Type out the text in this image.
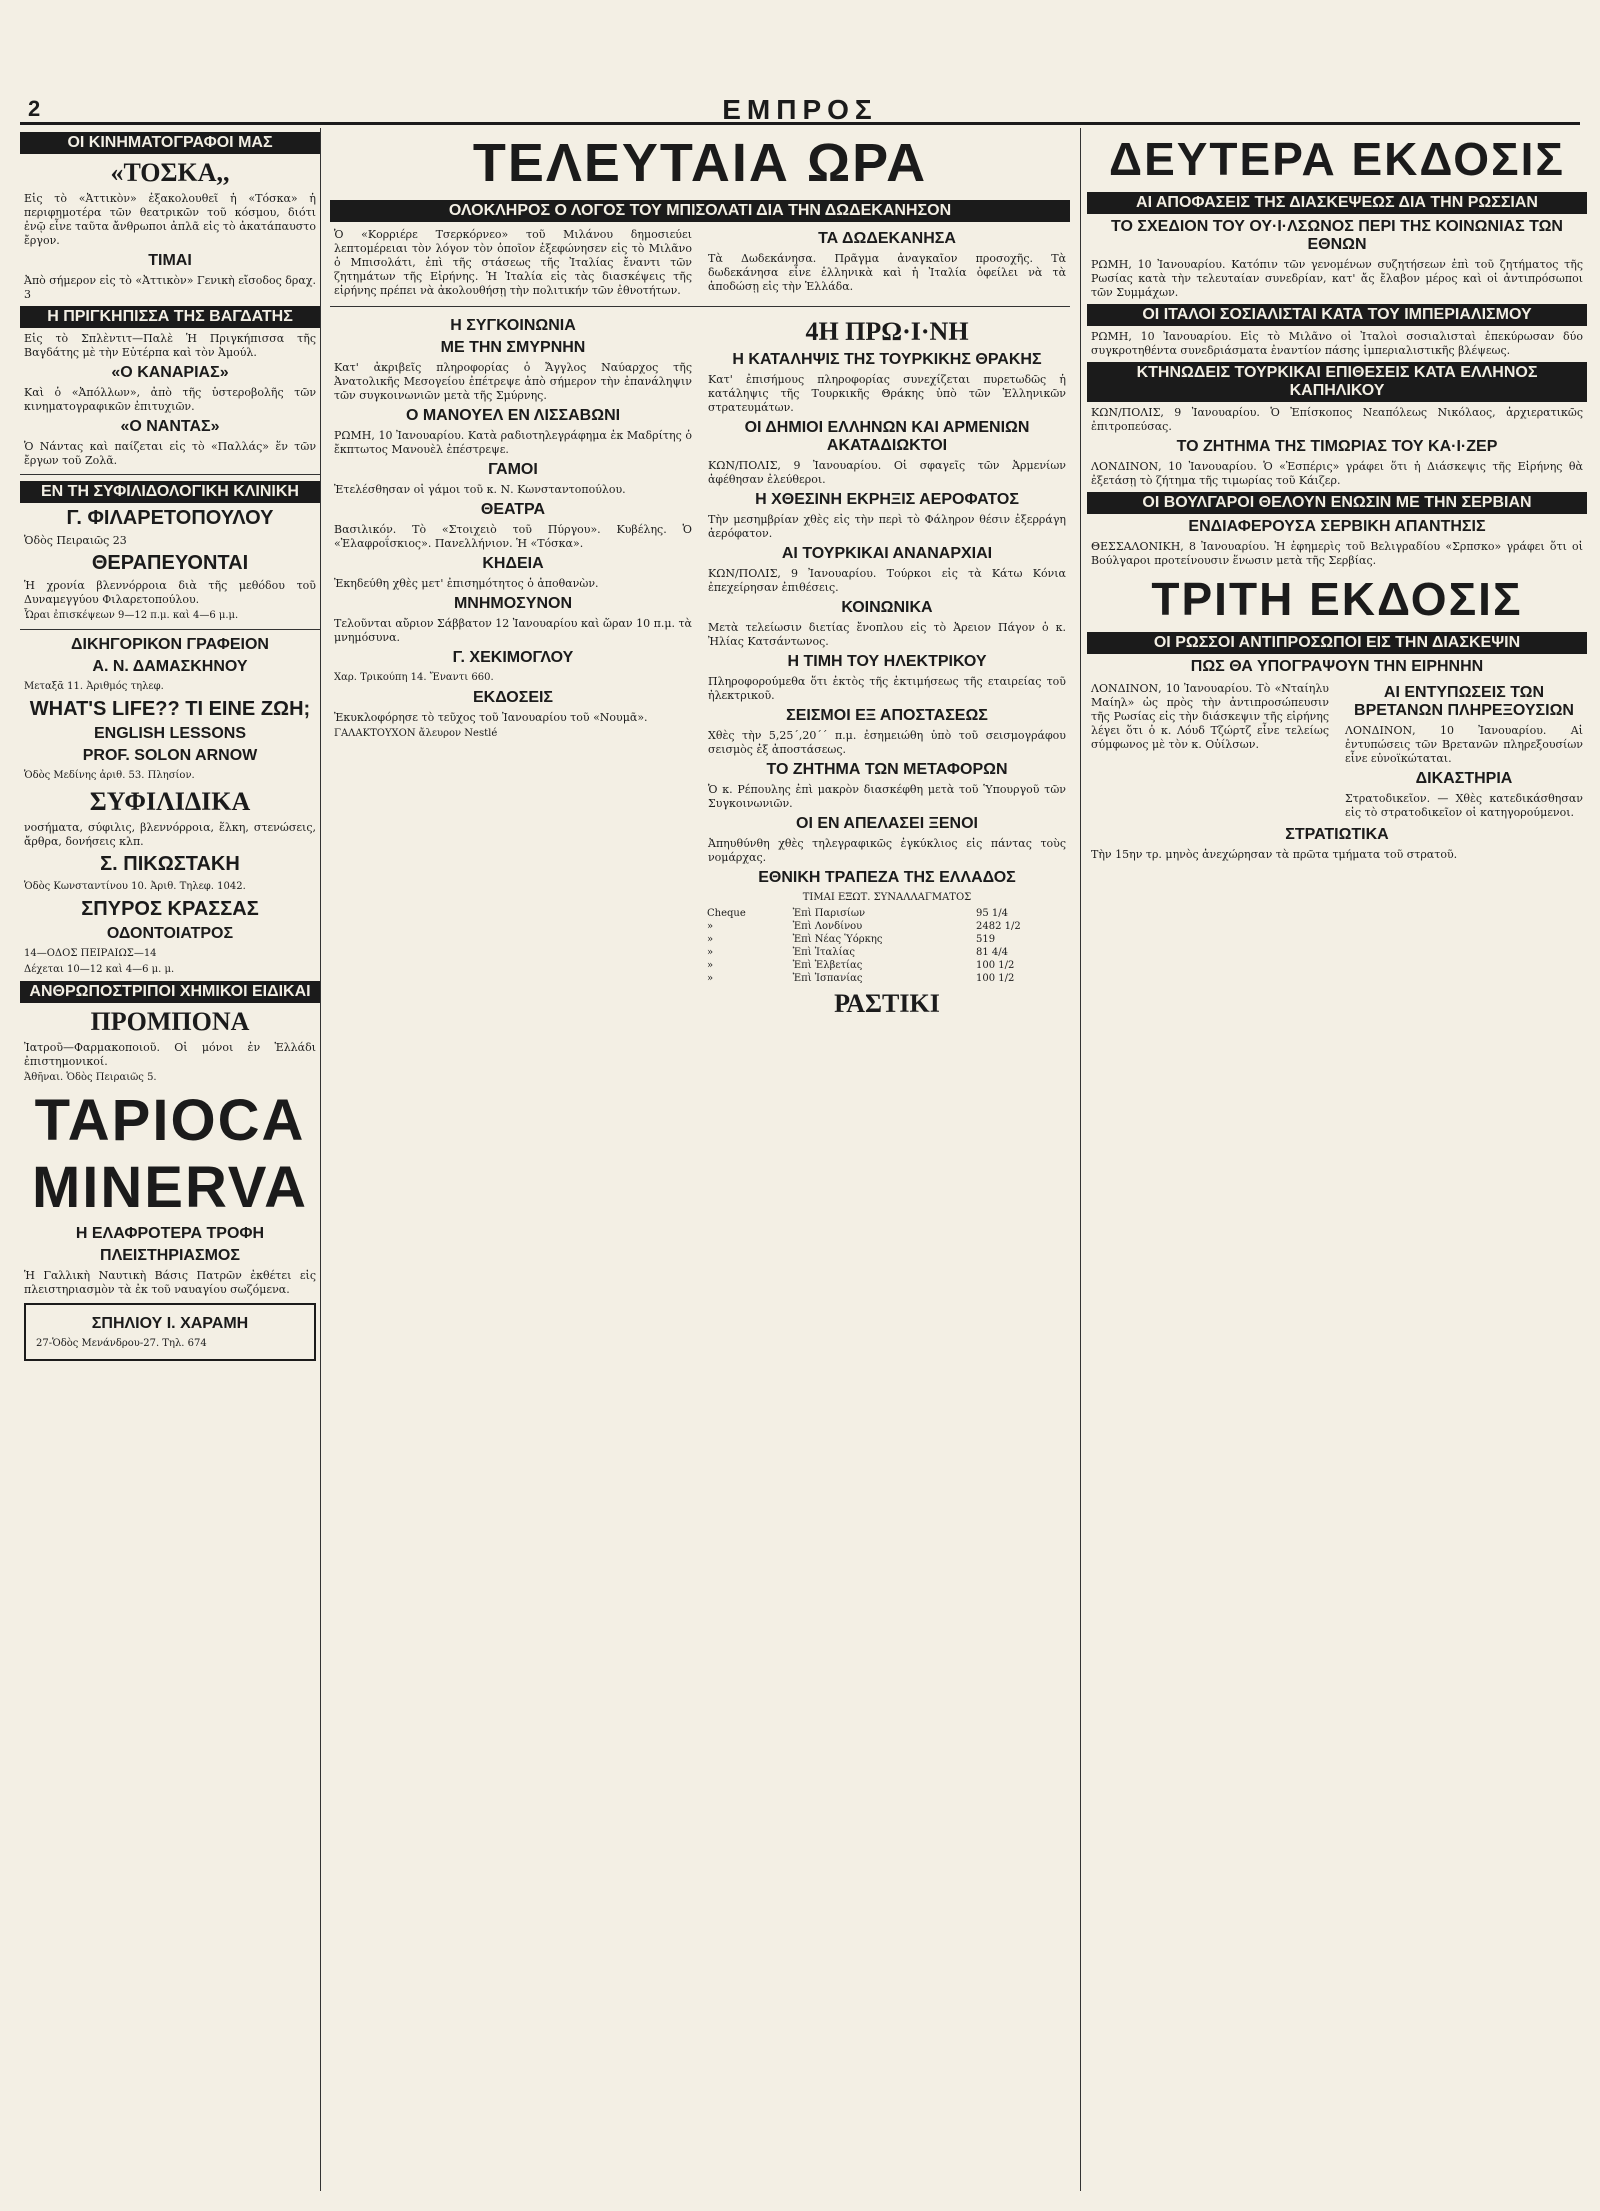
2	ΕΜΠΡΟΣ
ΟΙ ΚΙΝΗΜΑΤΟΓΡΑΦΟΙ ΜΑΣ
«ΤΟΣΚΑ,,

Εἰς τὸ «Ἀττικὸν» ἐξακολουθεῖ ἡ «Τόσκα» ἡ περιφημοτέρα τῶν θεατρικῶν τοῦ κόσμου, διότι ἐνῷ εἶνε ταῦτα ἄνθρωποι ἀπλᾶ εἰς τὸ ἀκατάπαυστο ἔργον.

ΤΙΜΑΙ

Ἀπὸ σήμερον εἰς τὸ «Ἀττικὸν» Γενικὴ εἴσοδος δραχ. 3

Η ΠΡΙΓΚΗΠΙΣΣΑ ΤΗΣ ΒΑΓΔΑΤΗΣ

Εἰς τὸ Σπλὲντιτ—Παλὲ Ἡ Πριγκήπισσα τῆς Βαγδάτης μὲ τὴν Εὐτέρπα καὶ τὸν Ἀμούλ.

«Ο ΚΑΝΑΡΙΑΣ»

Καὶ ὁ «Ἀπόλλων», ἀπὸ τῆς ὑστεροβολῆς τῶν κινηματογραφικῶν ἐπιτυχιῶν.

«Ο ΝΑΝΤΑΣ»

Ὁ Νάντας καὶ παίζεται εἰς τὸ «Παλλάς» ἕν τῶν ἔργων τοῦ Ζολᾶ.

ΕΝ ΤΗ ΣΥΦΙΛΙΔΟΛΟΓΙΚΗ ΚΛΙΝΙΚΗ
Γ. ΦΙΛΑΡΕΤΟΠΟΥΛΟΥ

Ὁδὸς Πειραιῶς 23

ΘΕΡΑΠΕΥΟΝΤΑΙ

Ἡ χρονία βλεννόρροια διὰ τῆς μεθόδου τοῦ Δυναμεγγύου Φιλαρετοπούλου.

Ὧραι ἐπισκέψεων 9—12 π.μ. καὶ 4—6 μ.μ.

ΔΙΚΗΓΟΡΙΚΟΝ ΓΡΑΦΕΙΟΝ
Α. Ν. ΔΑΜΑΣΚΗΝΟΥ

Μεταξᾶ 11. Ἀριθμός τηλεφ.

WHAT'S LIFE?? ΤΙ ΕΙΝΕ ΖΩΗ;
ENGLISH LESSONS
PROF. SOLON ARNOW

Ὁδὸς Μεδίνης ἀριθ. 53. Πλησίον.

ΣΥΦΙΛΙΔΙΚΑ

νοσήματα, σύφιλις, βλεννόρροια, ἕλκη, στενώσεις, ἄρθρα, δονήσεις κλπ.

Σ. ΠΙΚΩΣΤΑΚΗ

Ὁδὸς Κωνσταντίνου 10. Ἀριθ. Τηλεφ. 1042.

ΣΠΥΡΟΣ ΚΡΑΣΣΑΣ
ΟΔΟΝΤΟΙΑΤΡΟΣ

14—ΟΔΟΣ ΠΕΙΡΑΙΩΣ—14

Δέχεται 10—12 καὶ 4—6 μ. μ.

ΑΝΘΡΩΠΟΣΤΡΙΠΟΙ ΧΗΜΙΚΟΙ ΕΙΔΙΚΑΙ
ΠΡΟΜΠΟΝΑ

Ἰατροῦ—Φαρμακοποιοῦ. Οἱ μόνοι ἐν Ἑλλάδι ἐπιστημονικοί.

Ἀθῆναι. Ὁδὸς Πειραιῶς 5.

TAPIOCA
MINERVA
Η ΕΛΑΦΡΟΤΕΡΑ ΤΡΟΦΗ
ΠΛΕΙΣΤΗΡΙΑΣΜΟΣ

Ἡ Γαλλικὴ Ναυτικὴ Βάσις Πατρῶν ἐκθέτει εἰς πλειστηριασμὸν τὰ ἐκ τοῦ ναυαγίου σωζόμενα.

ΣΠΗΛΙΟΥ Ι. ΧΑΡΑΜΗ
27-Ὁδὸς Μενάνδρου-27. Τηλ. 674
ΤΕΛΕΥΤΑΙΑ ΩΡΑ
ΟΛΟΚΛΗΡΟΣ Ο ΛΟΓΟΣ ΤΟΥ ΜΠΙΣΟΛΑΤΙ ΔΙΑ ΤΗΝ ΔΩΔΕΚΑΝΗΣΟΝ

Ὁ «Κορριέρε Τσερκόρνεο» τοῦ Μιλάνου δημοσιεύει λεπτομέρειαι τὸν λόγον τὸν ὁποῖον ἐξεφώνησεν εἰς τὸ Μιλᾶνο ὁ Μπισολάτι, ἐπὶ τῆς στάσεως τῆς Ἰταλίας ἔναντι τῶν ζητημάτων τῆς Εἰρήνης. Ἡ Ἰταλία εἰς τὰς διασκέψεις τῆς εἰρήνης πρέπει νὰ ἀκολουθήσῃ τὴν πολιτικήν τῶν ἐθνοτήτων.

ΤΑ ΔΩΔΕΚΑΝΗΣΑ

Τὰ Δωδεκάνησα. Πρᾶγμα ἀναγκαῖον προσοχῆς. Τὰ δωδεκάνησα εἶνε ἑλληνικὰ καὶ ἡ Ἰταλία ὀφείλει νὰ τὰ ἀποδώσῃ εἰς τὴν Ἑλλάδα.

Η ΣΥΓΚΟΙΝΩΝΙΑ
ΜΕ ΤΗΝ ΣΜΥΡΝΗΝ

Κατ' ἀκριβεῖς πληροφορίας ὁ Ἄγγλος Ναύαρχος τῆς Ἀνατολικῆς Μεσογείου ἐπέτρεψε ἀπὸ σήμερον τὴν ἐπανάληψιν τῶν συγκοινωνιῶν μετὰ τῆς Σμύρνης.

Ο ΜΑΝΟΥΕΛ ΕΝ ΛΙΣΣΑΒΩΝΙ

ΡΩΜΗ, 10 Ἰανουαρίου. Κατὰ ραδιοτηλεγράφημα ἐκ Μαδρίτης ὁ ἔκπτωτος Μανουὲλ ἐπέστρεψε.

ΓΑΜΟΙ

Ἐτελέσθησαν οἱ γάμοι τοῦ κ. Ν. Κωνσταντοπούλου.

ΘΕΑΤΡΑ

Βασιλικόν. Τὸ «Στοιχειὸ τοῦ Πύργου». Κυβέλης. Ὁ «Ἐλαφροΐσκιος». Πανελλήνιον. Ἡ «Τόσκα».

ΚΗΔΕΙΑ

Ἐκηδεύθη χθὲς μετ' ἐπισημότητος ὁ ἀποθανὼν.

ΜΝΗΜΟΣΥΝΟΝ

Τελοῦνται αὔριον Σάββατον 12 Ἰανουαρίου καὶ ὥραν 10 π.μ. τὰ μνημόσυνα.

Γ. ΧΕΚΙΜΟΓΛΟΥ

Χαρ. Τρικούπη 14. Ἔναντι 660.

ΕΚΔΟΣΕΙΣ

Ἐκυκλοφόρησε τὸ τεῦχος τοῦ Ἰανουαρίου τοῦ «Νουμᾶ».

ΓΑΛΑΚΤΟΥΧΟΝ ἄλευρον Nestlé

4Η ΠΡΩ·Ι·ΝΗ
Η ΚΑΤΑΛΗΨΙΣ ΤΗΣ ΤΟΥΡΚΙΚΗΣ ΘΡΑΚΗΣ

Κατ' ἐπισήμους πληροφορίας συνεχίζεται πυρετωδῶς ἡ κατάληψις τῆς Τουρκικῆς Θράκης ὑπὸ τῶν Ἑλληνικῶν στρατευμάτων.

ΟΙ ΔΗΜΙΟΙ ΕΛΛΗΝΩΝ ΚΑΙ ΑΡΜΕΝΙΩΝ ΑΚΑΤΑΔΙΩΚΤΟΙ

ΚΩΝ/ΠΟΛΙΣ, 9 Ἰανουαρίου. Οἱ σφαγεῖς τῶν Ἀρμενίων ἀφέθησαν ἐλεύθεροι.

Η ΧΘΕΣΙΝΗ ΕΚΡΗΞΙΣ ΑΕΡΟΦΑΤΟΣ

Τὴν μεσημβρίαν χθὲς εἰς τὴν περὶ τὸ Φάληρον θέσιν ἐξερράγη ἀερόφατον.

ΑΙ ΤΟΥΡΚΙΚΑΙ ΑΝΑΝΑΡΧΙΑΙ

ΚΩΝ/ΠΟΛΙΣ, 9 Ἰανουαρίου. Τούρκοι εἰς τὰ Κάτω Κόνια ἐπεχείρησαν ἐπιθέσεις.

ΚΟΙΝΩΝΙΚΑ

Μετὰ τελείωσιν διετίας ἔνοπλου εἰς τὸ Ἀρειον Πάγον ὁ κ. Ἠλίας Κατσάντωνος.

Η ΤΙΜΗ ΤΟΥ ΗΛΕΚΤΡΙΚΟΥ

Πληροφορούμεθα ὅτι ἐκτὸς τῆς ἐκτιμήσεως τῆς εταιρείας τοῦ ἠλεκτρικοῦ.

ΣΕΙΣΜΟΙ ΕΞ ΑΠΟΣΤΑΣΕΩΣ

Χθὲς τὴν 5,25΄,20΄΄ π.μ. ἐσημειώθη ὑπὸ τοῦ σεισμογράφου σεισμὸς ἐξ ἀποστάσεως.

ΤΟ ΖΗΤΗΜΑ ΤΩΝ ΜΕΤΑΦΟΡΩΝ

Ὁ κ. Ρέπουλης ἐπὶ μακρὸν διασκέφθη μετὰ τοῦ Ὑπουργοῦ τῶν Συγκοινωνιῶν.

ΟΙ ΕΝ ΑΠΕΛΑΣΕΙ ΞΕΝΟΙ

Ἀπηυθύνθη χθὲς τηλεγραφικῶς ἐγκύκλιος εἰς πάντας τοὺς νομάρχας.

ΕΘΝΙΚΗ ΤΡΑΠΕΖΑ ΤΗΣ ΕΛΛΑΔΟΣ
ΤΙΜΑΙ ΕΞΩΤ. ΣΥΝΑΛΛΑΓΜΑΤΟΣ
Cheque	Ἐπὶ Παρισίων	95 1/4
»	Ἐπὶ Λονδίνου	2482 1/2
»	Ἐπὶ Νέας Ὑόρκης	519
»	Ἐπὶ Ἰταλίας	81 4/4
»	Ἐπὶ Ἑλβετίας	100 1/2
»	Ἐπὶ Ἰσπανίας	100 1/2
ΡΑΣΤΙΚΙ
ΔΕΥΤΕΡΑ ΕΚΔΟΣΙΣ
ΑΙ ΑΠΟΦΑΣΕΙΣ ΤΗΣ ΔΙΑΣΚΕΨΕΩΣ ΔΙΑ ΤΗΝ ΡΩΣΣΙΑΝ
ΤΟ ΣΧΕΔΙΟΝ ΤΟΥ ΟΥ·Ι·ΛΣΩΝΟΣ ΠΕΡΙ ΤΗΣ ΚΟΙΝΩΝΙΑΣ ΤΩΝ ΕΘΝΩΝ

ΡΩΜΗ, 10 Ἰανουαρίου. Κατόπιν τῶν γενομένων συζητήσεων ἐπὶ τοῦ ζητήματος τῆς Ρωσίας κατὰ τὴν τελευταίαν συνεδρίαν, κατ' ἄς ἔλαβον μέρος καὶ οἱ ἀντιπρόσωποι τῶν Συμμάχων.

ΟΙ ΙΤΑΛΟΙ ΣΟΣΙΑΛΙΣΤΑΙ ΚΑΤΑ ΤΟΥ ΙΜΠΕΡΙΑΛΙΣΜΟΥ

ΡΩΜΗ, 10 Ἰανουαρίου. Εἰς τὸ Μιλᾶνο οἱ Ἰταλοὶ σοσιαλισταὶ ἐπεκύρωσαν δύο συγκροτηθέντα συνεδριάσματα ἐναντίον πάσης ἰμπεριαλιστικῆς βλέψεως.

ΚΤΗΝΩΔΕΙΣ ΤΟΥΡΚΙΚΑΙ ΕΠΙΘΕΣΕΙΣ ΚΑΤΑ ΕΛΛΗΝΟΣ ΚΑΠΗΛΙΚΟΥ

ΚΩΝ/ΠΟΛΙΣ, 9 Ἰανουαρίου. Ὁ Ἐπίσκοπος Νεαπόλεως Νικόλαος, ἀρχιερατικῶς ἐπιτροπεύσας.

ΤΟ ΖΗΤΗΜΑ ΤΗΣ ΤΙΜΩΡΙΑΣ ΤΟΥ ΚΑ·Ι·ΖΕΡ

ΛΟΝΔΙΝΟΝ, 10 Ἰανουαρίου. Ὁ «Ἐσπέρις» γράφει ὅτι ἡ Διάσκεψις τῆς Εἰρήνης θὰ ἐξετάσῃ τὸ ζήτημα τῆς τιμωρίας τοῦ Κάιζερ.

ΟΙ ΒΟΥΛΓΑΡΟΙ ΘΕΛΟΥΝ ΕΝΩΣΙΝ ΜΕ ΤΗΝ ΣΕΡΒΙΑΝ
ΕΝΔΙΑΦΕΡΟΥΣΑ ΣΕΡΒΙΚΗ ΑΠΑΝΤΗΣΙΣ

ΘΕΣΣΑΛΟΝΙΚΗ, 8 Ἰανουαρίου. Ἡ ἐφημερὶς τοῦ Βελιγραδίου «Σρπσκο» γράφει ὅτι οἱ Βούλγαροι προτείνουσιν ἕνωσιν μετὰ τῆς Σερβίας.

ΤΡΙΤΗ ΕΚΔΟΣΙΣ
ΟΙ ΡΩΣΣΟΙ ΑΝΤΙΠΡΟΣΩΠΟΙ ΕΙΣ ΤΗΝ ΔΙΑΣΚΕΨΙΝ
ΠΩΣ ΘΑ ΥΠΟΓΡΑΨΟΥΝ ΤΗΝ ΕΙΡΗΝΗΝ

ΛΟΝΔΙΝΟΝ, 10 Ἰανουαρίου. Τὸ «Νταίηλυ Μαίηλ» ὡς πρὸς τὴν ἀντιπροσώπευσιν τῆς Ρωσίας εἰς τὴν διάσκεψιν τῆς εἰρήνης λέγει ὅτι ὁ κ. Λόυδ Τζώρτζ εἶνε τελείως σύμφωνος μὲ τὸν κ. Οὐίλσων.

ΑΙ ΕΝΤΥΠΩΣΕΙΣ ΤΩΝ ΒΡΕΤΑΝΩΝ ΠΛΗΡΕΞΟΥΣΙΩΝ

ΛΟΝΔΙΝΟΝ, 10 Ἰανουαρίου. Αἱ ἐντυπώσεις τῶν Βρετανῶν πληρεξουσίων εἶνε εὐνοϊκώταται.

ΔΙΚΑΣΤΗΡΙΑ

Στρατοδικεῖον. — Χθὲς κατεδικάσθησαν εἰς τὸ στρατοδικεῖον οἱ κατηγορούμενοι.

ΣΤΡΑΤΙΩΤΙΚΑ

Τὴν 15ην τρ. μηνὸς ἀνεχώρησαν τὰ πρῶτα τμήματα τοῦ στρατοῦ.
